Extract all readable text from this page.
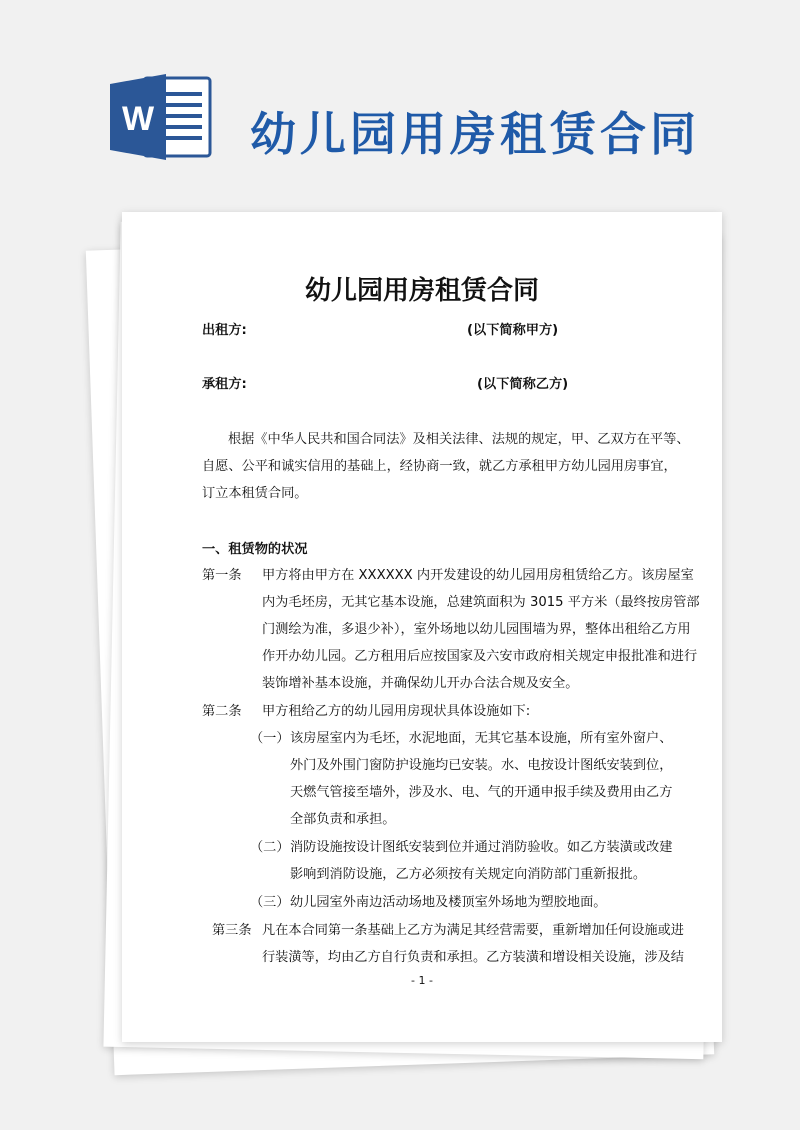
W 幼儿园用房租赁合同
幼儿园用房租赁合同
出租方:	(以下简称甲方)
承租方:	(以下简称乙方)
根据《中华人民共和国合同法》及相关法律、法规的规定，甲、乙双方在平等、
自愿、公平和诚实信用的基础上，经协商一致，就乙方承租甲方幼儿园用房事宜，
订立本租赁合同。
一、租赁物的状况
第一条 甲方将由甲方在 XXXXXX 内开发建设的幼儿园用房租赁给乙方。该房屋室
内为毛坯房，无其它基本设施，总建筑面积为 3015 平方米（最终按房管部
门测绘为准，多退少补），室外场地以幼儿园围墙为界，整体出租给乙方用
作开办幼儿园。乙方租用后应按国家及六安市政府相关规定申报批准和进行
装饰增补基本设施，并确保幼儿开办合法合规及安全。
第二条 甲方租给乙方的幼儿园用房现状具体设施如下:
（一） 该房屋室内为毛坯，水泥地面，无其它基本设施，所有室外窗户、
外门及外围门窗防护设施均已安装。水、电按设计图纸安装到位，
天燃气管接至墙外，涉及水、电、气的开通申报手续及费用由乙方
全部负责和承担。
（二） 消防设施按设计图纸安装到位并通过消防验收。如乙方装潢或改建
影响到消防设施，乙方必须按有关规定向消防部门重新报批。
（三） 幼儿园室外南边活动场地及楼顶室外场地为塑胶地面。
第三条 凡在本合同第一条基础上乙方为满足其经营需要，重新增加任何设施或进
行装潢等，均由乙方自行负责和承担。乙方装潢和增设相关设施，涉及结
- 1 -
